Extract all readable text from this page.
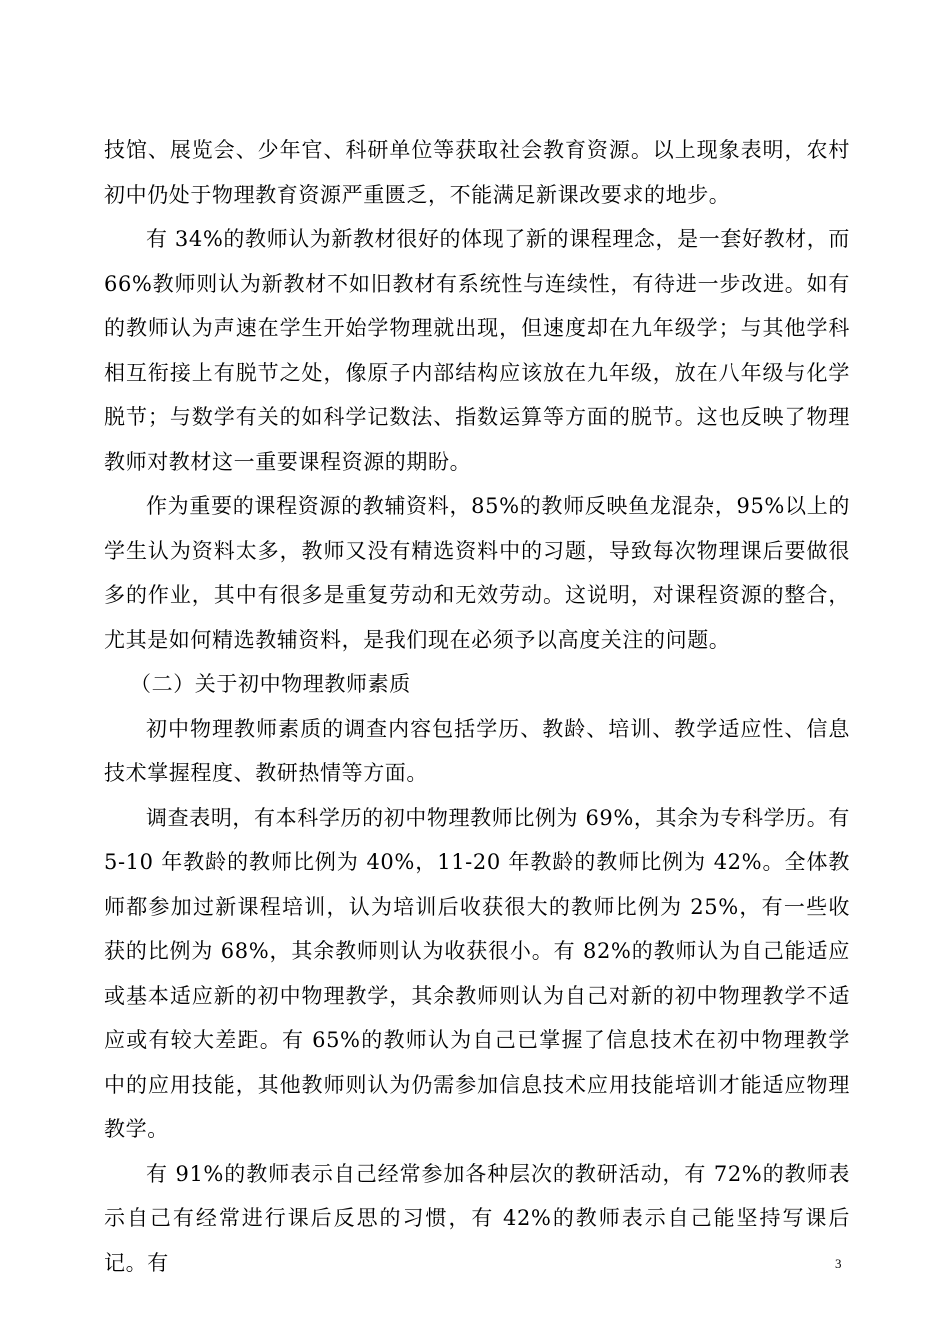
技馆、展览会、少年官、科研单位等获取社会教育资源。以上现象表明，农村初中仍处于物理教育资源严重匮乏，不能满足新课改要求的地步。

有 34%的教师认为新教材很好的体现了新的课程理念，是一套好教材，而 66%教师则认为新教材不如旧教材有系统性与连续性，有待进一步改进。如有的教师认为声速在学生开始学物理就出现，但速度却在九年级学；与其他学科相互衔接上有脱节之处，像原子内部结构应该放在九年级，放在八年级与化学脱节；与数学有关的如科学记数法、指数运算等方面的脱节。这也反映了物理教师对教材这一重要课程资源的期盼。

作为重要的课程资源的教辅资料，85%的教师反映鱼龙混杂，95%以上的学生认为资料太多，教师又没有精选资料中的习题，导致每次物理课后要做很多的作业，其中有很多是重复劳动和无效劳动。这说明，对课程资源的整合，尤其是如何精选教辅资料，是我们现在必须予以高度关注的问题。

（二）关于初中物理教师素质

初中物理教师素质的调查内容包括学历、教龄、培训、教学适应性、信息技术掌握程度、教研热情等方面。

调查表明，有本科学历的初中物理教师比例为 69%，其余为专科学历。有 5-10 年教龄的教师比例为 40%，11-20 年教龄的教师比例为 42%。全体教师都参加过新课程培训，认为培训后收获很大的教师比例为 25%，有一些收获的比例为 68%，其余教师则认为收获很小。有 82%的教师认为自己能适应或基本适应新的初中物理教学，其余教师则认为自己对新的初中物理教学不适应或有较大差距。有 65%的教师认为自己已掌握了信息技术在初中物理教学中的应用技能，其他教师则认为仍需参加信息技术应用技能培训才能适应物理教学。

有 91%的教师表示自己经常参加各种层次的教研活动，有 72%的教师表示自己有经常进行课后反思的习惯，有 42%的教师表示自己能坚持写课后记。有	3
